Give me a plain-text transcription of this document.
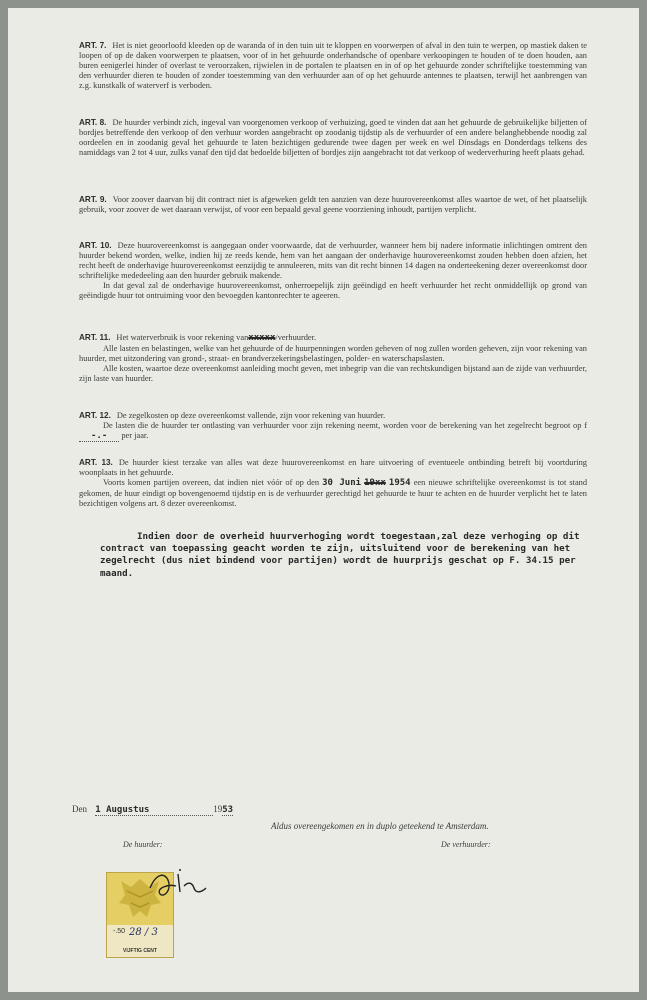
ART. 7. Het is niet geoorloofd kleeden op de waranda of in den tuin uit te kloppen en voorwerpen of afval in den tuin te werpen, op mastiek daken te loopen of op de daken voorwerpen te plaatsen, voor of in het gehuurde onderhandsche of openbare verkoopingen te houden of te doen houden, aan buren eenigerlei hinder of overlast te veroorzaken, rijwielen in de portalen te plaatsen en in of op het gehuurde zonder schriftelijke toestemming van den verhuurder dieren te houden of zonder toestemming van den verhuurder aan of op het gehuurde antennes te plaatsen, terwijl het aanbrengen van z.g. kunstkalk of waterverf is verboden.

ART. 8. De huurder verbindt zich, ingeval van voorgenomen verkoop of verhuizing, goed te vinden dat aan het gehuurde de gebruikelijke biljetten of bordjes betreffende den verkoop of den verhuur worden aangebracht op zoodanig tijdstip als de verhuurder of een andere belanghebbende noodig zal oordeelen en in zoodanig geval het gehuurde te laten bezichtigen gedurende twee dagen per week en wel Dinsdags en Donderdags telkens des namiddags van 2 tot 4 uur, zulks vanaf den tijd dat bedoelde biljetten of bordjes zijn aangebracht tot dat verkoop of wederverhuring heeft plaats gehad.

ART. 9. Voor zoover daarvan bij dit contract niet is afgeweken geldt ten aanzien van deze huurovereenkomst alles waartoe de wet, of het plaatselijk gebruik, voor zoover de wet daaraan verwijst, of voor een bepaald geval geene voorziening inhoudt, partijen verplicht.

ART. 10. Deze huurovereenkomst is aangegaan onder voorwaarde, dat de verhuurder, wanneer hem bij nadere informatie inlichtingen omtrent den huurder bekend worden, welke, indien hij ze reeds kende, hem van het aangaan der onderhavige huurovereenkomst zouden hebben doen afzien, het recht heeft de onderhavige huurovereenkomst eenzijdig te annuleeren, mits van dit recht binnen 14 dagen na onderteekening dezer overeenkomst door schriftelijke mededeeling aan den huurder gebruik makende.

In dat geval zal de onderhavige huurovereenkomst, onherroepelijk zijn geëindigd en heeft verhuurder het recht onmiddellijk op grond van geëindigde huur tot ontruiming voor den bevoegden kantonrechter te ageeren.

ART. 11. Het waterverbruik is voor rekening vanxxxxx/verhuurder.

Alle lasten en belastingen, welke van het gehuurde of de huurpenningen worden geheven of nog zullen worden geheven, zijn voor rekening van huurder, met uitzondering van grond-, straat- en brandverzekeringsbelastingen, polder- en waterschapslasten.

Alle kosten, waartoe deze overeenkomst aanleiding mocht geven, met inbegrip van die van rechtskundigen bijstand aan de zijde van verhuurder, zijn laste van huurder.

ART. 12. De zegelkosten op deze overeenkomst vallende, zijn voor rekening van huurder.

De lasten die de huurder ter ontlasting van verhuurder voor zijn rekening neemt, worden voor de berekening van het zegelrecht begroot op f -.- per jaar.

ART. 13. De huurder kiest terzake van alles wat deze huurovereenkomst en hare uitvoering of eventueele ontbinding betreft bij voortduring woonplaats in het gehuurde.

Voorts komen partijen overeen, dat indien niet vóór of op den 30 Juni 19xx 1954 een nieuwe schriftelijke overeenkomst is tot stand gekomen, de huur eindigt op bovengenoemd tijdstip en is de verhuurder gerechtigd het gehuurde te huur te achten en de huurder verplicht het te laten bezichtigen volgens art. 8 dezer overeenkomst.

Indien door de overheid huurverhoging wordt toegestaan,zal deze verhoging op dit contract van toepassing geacht worden te zijn, uitsluitend voor de berekening van het zegelrecht (dus niet bindend voor partijen) wordt de huurprijs geschat op F. 34.15 per maand.
Den 1 Augustus	1953
Aldus overeengekomen en in duplo geteekend te Amsterdam.
De huurder:	De verhuurder:
-.50 28 / 3
VIJFTIG CENT
